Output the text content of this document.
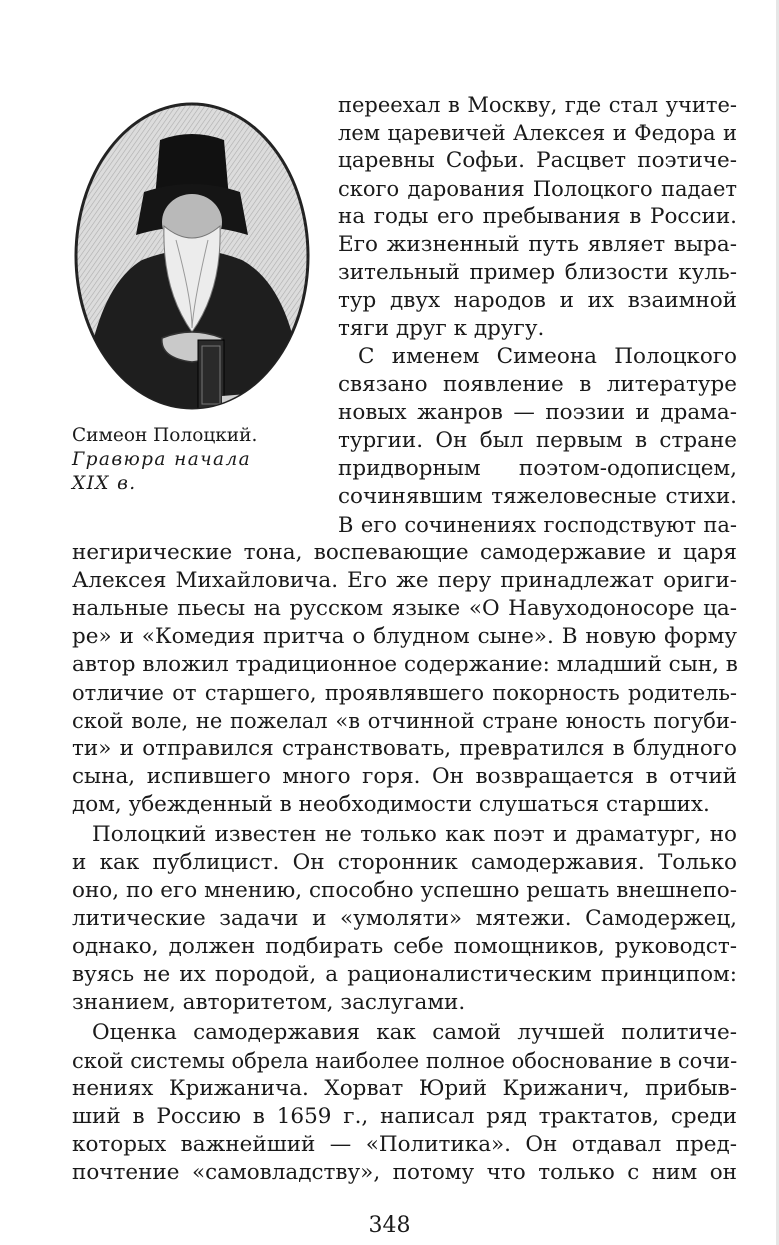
Симеон Полоцкий.
Гравюра начала
XIX в.
переехал в Москву, где стал учите-
лем царевичей Алексея и Федора и
царевны Софьи. Расцвет поэтиче-
ского дарования Полоцкого падает
на годы его пребывания в России.
Его жизненный путь являет выра-
зительный пример близости куль-
тур двух народов и их взаимной
тяги друг к другу.
С именем Симеона Полоцкого
связано появление в литературе
новых жанров — поэзии и драма-
тургии. Он был первым в стране
придворным поэтом-одописцем,
сочинявшим тяжеловесные стихи.
В его сочинениях господствуют па-
негирические тона, воспевающие самодержавие и царя
Алексея Михайловича. Его же перу принадлежат ориги-
нальные пьесы на русском языке «О Навуходоносоре ца-
ре» и «Комедия притча о блудном сыне». В новую форму
автор вложил традиционное содержание: младший сын, в
отличие от старшего, проявлявшего покорность родитель-
ской воле, не пожелал «в отчинной стране юность погуби-
ти» и отправился странствовать, превратился в блудного
сына, испившего много горя. Он возвращается в отчий
дом, убежденный в необходимости слушаться старших.
Полоцкий известен не только как поэт и драматург, но
и как публицист. Он сторонник самодержавия. Только
оно, по его мнению, способно успешно решать внешнепо-
литические задачи и «умоляти» мятежи. Самодержец,
однако, должен подбирать себе помощников, руководст-
вуясь не их породой, а рационалистическим принципом:
знанием, авторитетом, заслугами.
Оценка самодержавия как самой лучшей политиче-
ской системы обрела наиболее полное обоснование в сочи-
нениях Крижанича. Хорват Юрий Крижанич, прибыв-
ший в Россию в 1659 г., написал ряд трактатов, среди
которых важнейший — «Политика». Он отдавал пред-
почтение «самовладству», потому что только с ним он
348
